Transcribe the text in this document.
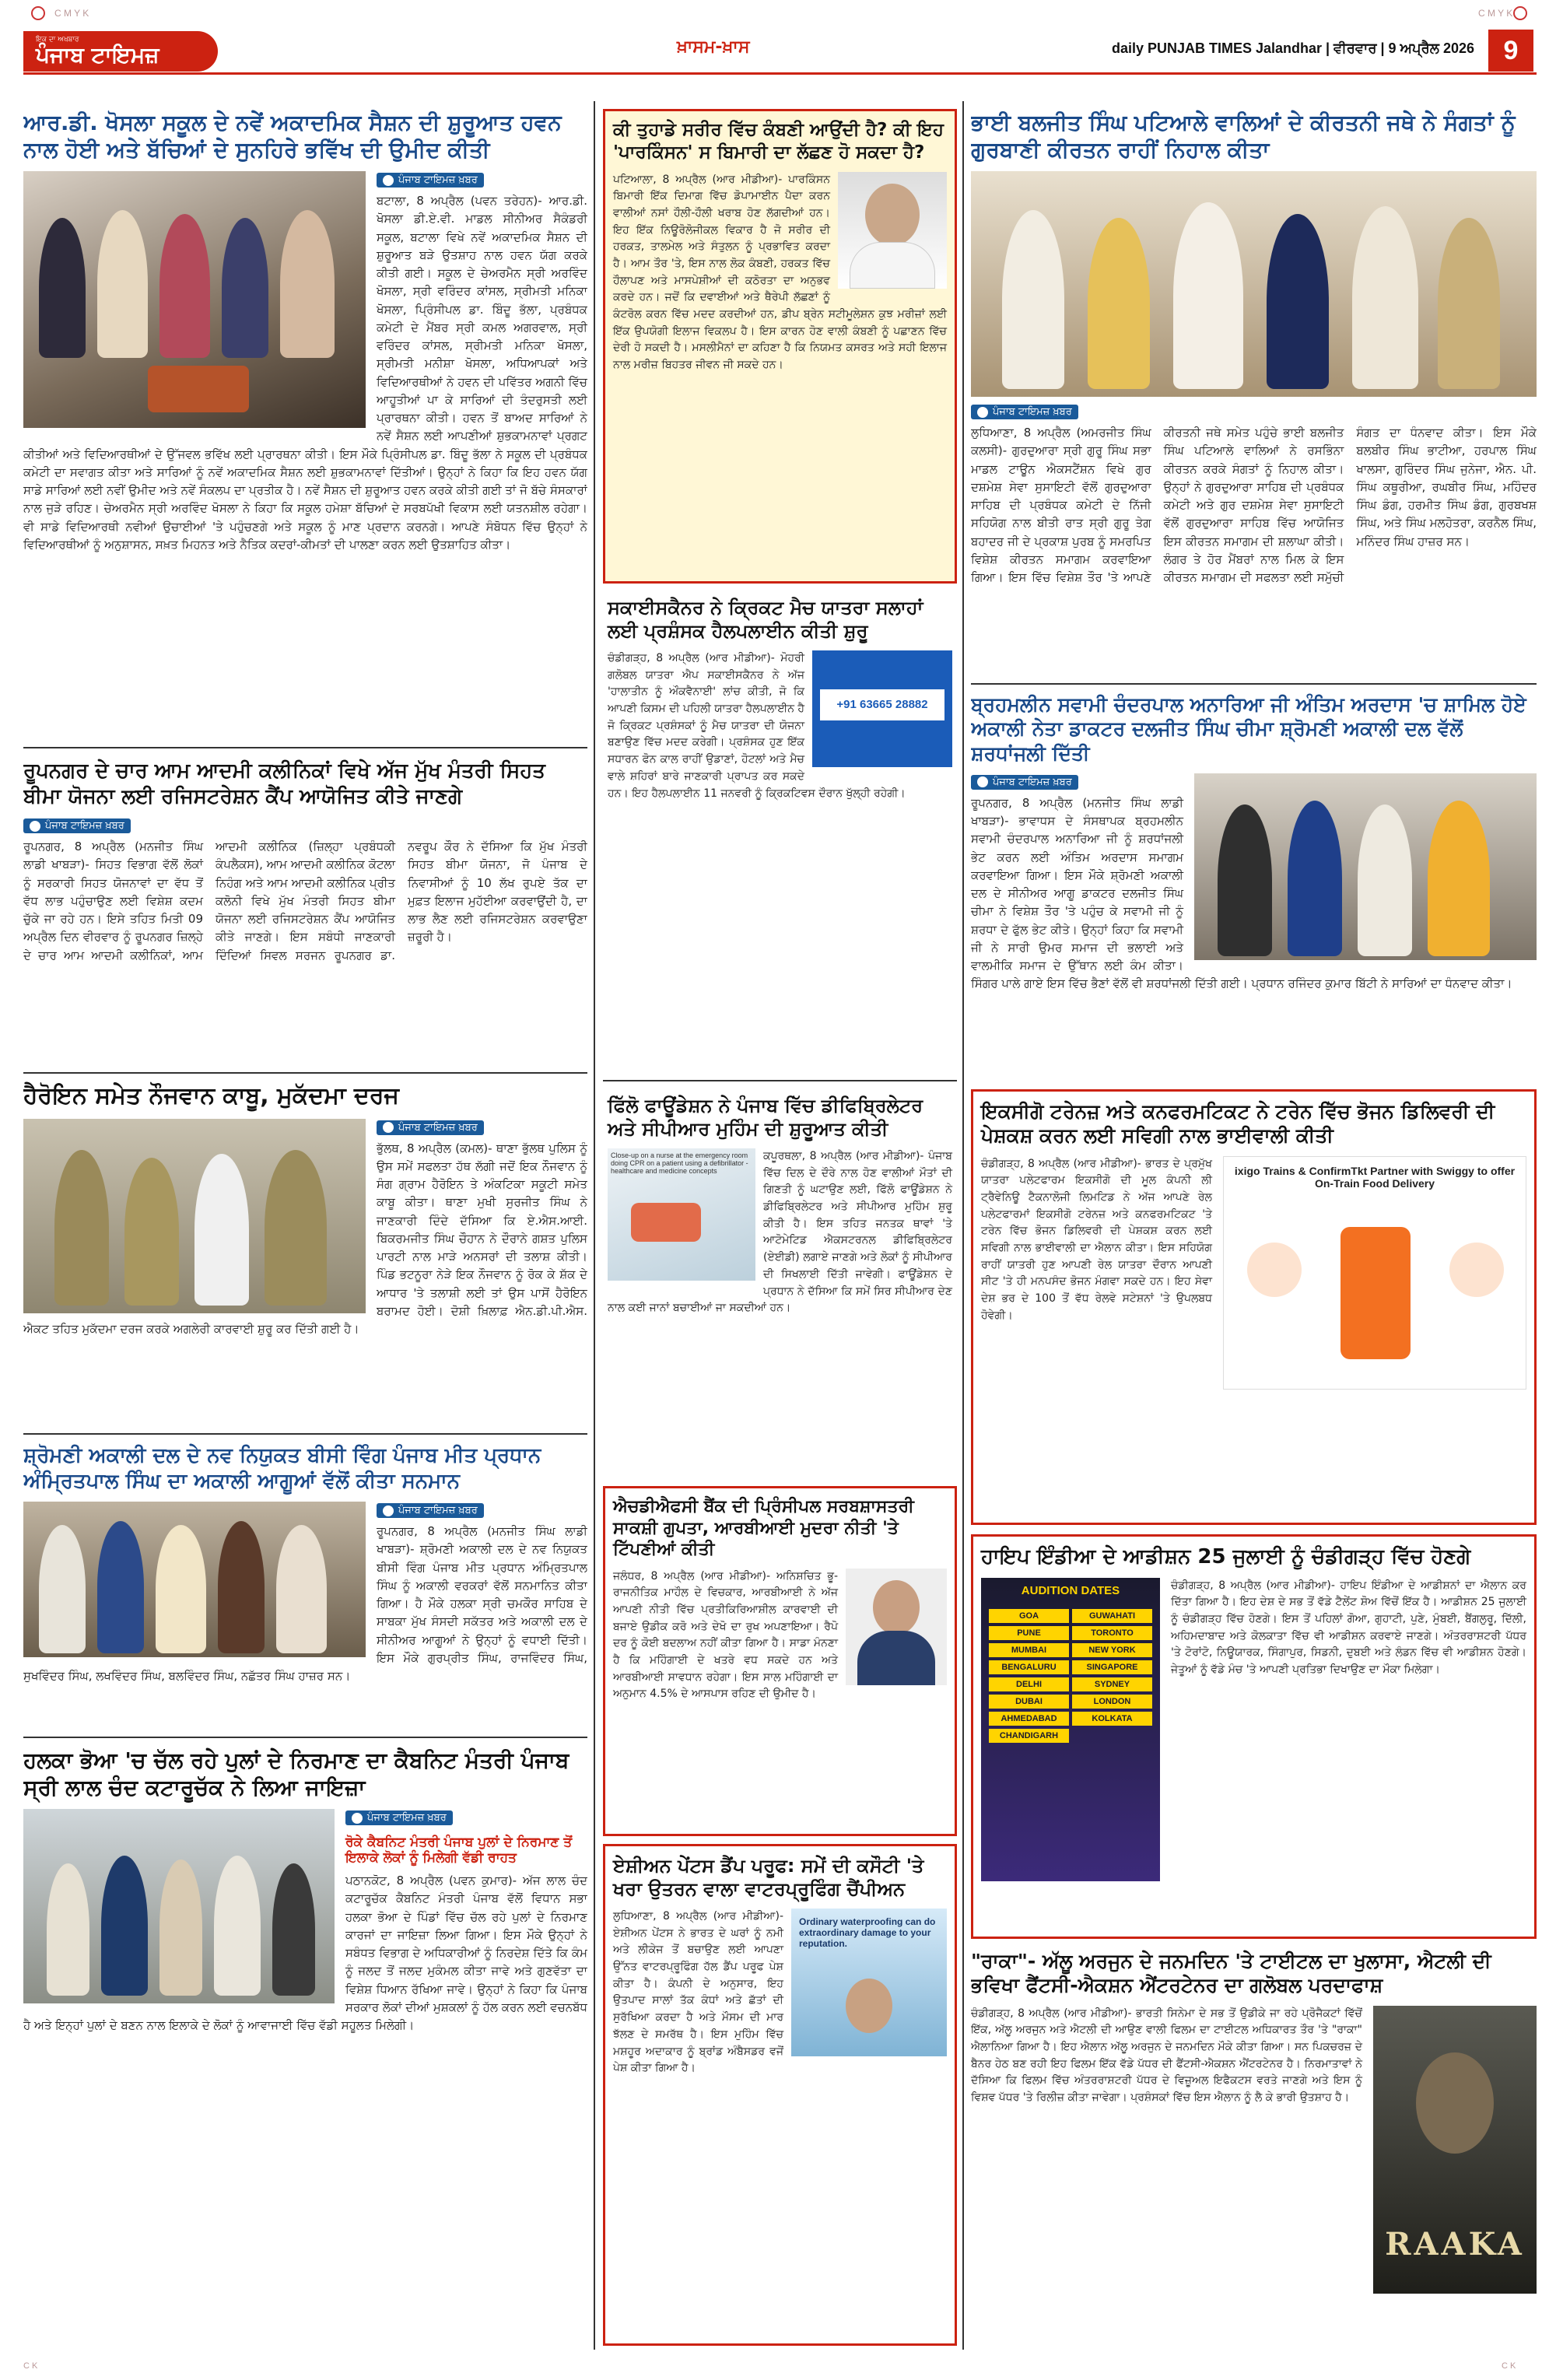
C M Y K	C M Y K
ਇਕ ਦਾ ਅਖਬਾਰ
ਪੰਜਾਬ ਟਾਇਮਜ਼	ਖ਼ਾਸਮ-ਖ਼ਾਸ	daily PUNJAB TIMES Jalandhar | ਵੀਰਵਾਰ | 9 ਅਪ੍ਰੈਲ 2026	9
ਆਰ.ਡੀ. ਖੋਸਲਾ ਸਕੂਲ ਦੇ ਨਵੇਂ ਅਕਾਦਮਿਕ ਸੈਸ਼ਨ ਦੀ ਸ਼ੁਰੂਆਤ ਹਵਨ ਨਾਲ ਹੋਈ ਅਤੇ ਬੱਚਿਆਂ ਦੇ ਸੁਨਹਿਰੇ ਭਵਿੱਖ ਦੀ ਉਮੀਦ ਕੀਤੀ
ਪੰਜਾਬ ਟਾਇਮਜ਼ ਖ਼ਬਰ
ਬਟਾਲਾ, 8 ਅਪ੍ਰੈਲ (ਪਵਨ ਤਰੇਹਨ)- ਆਰ.ਡੀ. ਖੋਸਲਾ ਡੀ.ਏ.ਵੀ. ਮਾਡਲ ਸੀਨੀਅਰ ਸੈਕੰਡਰੀ ਸਕੂਲ, ਬਟਾਲਾ ਵਿਖੇ ਨਵੇਂ ਅਕਾਦਮਿਕ ਸੈਸ਼ਨ ਦੀ ਸ਼ੁਰੂਆਤ ਬੜੇ ਉਤਸ਼ਾਹ ਨਾਲ ਹਵਨ ਯੱਗ ਕਰਕੇ ਕੀਤੀ ਗਈ। ਸਕੂਲ ਦੇ ਚੇਅਰਮੈਨ ਸ੍ਰੀ ਅਰਵਿੰਦ ਖੋਸਲਾ, ਸ੍ਰੀ ਵਰਿੰਦਰ ਕਾਂਸਲ, ਸ੍ਰੀਮਤੀ ਮਨਿਕਾ ਖੋਸਲਾ, ਪ੍ਰਿੰਸੀਪਲ ਡਾ. ਬਿੰਦੂ ਭੱਲਾ, ਪ੍ਰਬੰਧਕ ਕਮੇਟੀ ਦੇ ਮੈਂਬਰ ਸ੍ਰੀ ਕਮਲ ਅਗਰਵਾਲ, ਸ੍ਰੀ ਵਰਿੰਦਰ ਕਾਂਸਲ, ਸ੍ਰੀਮਤੀ ਮਨਿਕਾ ਖੋਸਲਾ, ਸ੍ਰੀਮਤੀ ਮਨੀਸ਼ਾ ਖੋਸਲਾ, ਅਧਿਆਪਕਾਂ ਅਤੇ ਵਿਦਿਆਰਥੀਆਂ ਨੇ ਹਵਨ ਦੀ ਪਵਿੱਤਰ ਅਗਨੀ ਵਿੱਚ ਆਹੂਤੀਆਂ ਪਾ ਕੇ ਸਾਰਿਆਂ ਦੀ ਤੰਦਰੁਸਤੀ ਲਈ ਪ੍ਰਾਰਥਨਾ ਕੀਤੀ। ਹਵਨ ਤੋਂ ਬਾਅਦ ਸਾਰਿਆਂ ਨੇ ਨਵੇਂ ਸੈਸ਼ਨ ਲਈ ਆਪਣੀਆਂ ਸ਼ੁਭਕਾਮਨਾਵਾਂ ਪ੍ਰਗਟ ਕੀਤੀਆਂ ਅਤੇ ਵਿਦਿਆਰਥੀਆਂ ਦੇ ਉੱਜਵਲ ਭਵਿੱਖ ਲਈ ਪ੍ਰਾਰਥਨਾ ਕੀਤੀ। ਇਸ ਮੌਕੇ ਪ੍ਰਿੰਸੀਪਲ ਡਾ. ਬਿੰਦੂ ਭੱਲਾ ਨੇ ਸਕੂਲ ਦੀ ਪ੍ਰਬੰਧਕ ਕਮੇਟੀ ਦਾ ਸਵਾਗਤ ਕੀਤਾ ਅਤੇ ਸਾਰਿਆਂ ਨੂੰ ਨਵੇਂ ਅਕਾਦਮਿਕ ਸੈਸ਼ਨ ਲਈ ਸ਼ੁਭਕਾਮਨਾਵਾਂ ਦਿੱਤੀਆਂ। ਉਨ੍ਹਾਂ ਨੇ ਕਿਹਾ ਕਿ ਇਹ ਹਵਨ ਯੱਗ ਸਾਡੇ ਸਾਰਿਆਂ ਲਈ ਨਵੀਂ ਉਮੀਦ ਅਤੇ ਨਵੇਂ ਸੰਕਲਪ ਦਾ ਪ੍ਰਤੀਕ ਹੈ। ਨਵੇਂ ਸੈਸ਼ਨ ਦੀ ਸ਼ੁਰੂਆਤ ਹਵਨ ਕਰਕੇ ਕੀਤੀ ਗਈ ਤਾਂ ਜੋ ਬੱਚੇ ਸੰਸਕਾਰਾਂ ਨਾਲ ਜੁੜੇ ਰਹਿਣ। ਚੇਅਰਮੈਨ ਸ੍ਰੀ ਅਰਵਿੰਦ ਖੋਸਲਾ ਨੇ ਕਿਹਾ ਕਿ ਸਕੂਲ ਹਮੇਸ਼ਾ ਬੱਚਿਆਂ ਦੇ ਸਰਬਪੱਖੀ ਵਿਕਾਸ ਲਈ ਯਤਨਸ਼ੀਲ ਰਹੇਗਾ। ਵੀ ਸਾਡੇ ਵਿਦਿਆਰਥੀ ਨਵੀਆਂ ਉਚਾਈਆਂ 'ਤੇ ਪਹੁੰਚਣਗੇ ਅਤੇ ਸਕੂਲ ਨੂੰ ਮਾਣ ਪ੍ਰਦਾਨ ਕਰਨਗੇ। ਆਪਣੇ ਸੰਬੋਧਨ ਵਿੱਚ ਉਨ੍ਹਾਂ ਨੇ ਵਿਦਿਆਰਥੀਆਂ ਨੂੰ ਅਨੁਸ਼ਾਸਨ, ਸਖ਼ਤ ਮਿਹਨਤ ਅਤੇ ਨੈਤਿਕ ਕਦਰਾਂ-ਕੀਮਤਾਂ ਦੀ ਪਾਲਣਾ ਕਰਨ ਲਈ ਉਤਸ਼ਾਹਿਤ ਕੀਤਾ।
ਰੂਪਨਗਰ ਦੇ ਚਾਰ ਆਮ ਆਦਮੀ ਕਲੀਨਿਕਾਂ ਵਿਖੇ ਅੱਜ ਮੁੱਖ ਮੰਤਰੀ ਸਿਹਤ ਬੀਮਾ ਯੋਜਨਾ ਲਈ ਰਜਿਸਟਰੇਸ਼ਨ ਕੈਂਪ ਆਯੋਜਿਤ ਕੀਤੇ ਜਾਣਗੇ
ਪੰਜਾਬ ਟਾਇਮਜ਼ ਖ਼ਬਰ
ਰੂਪਨਗਰ, 8 ਅਪ੍ਰੈਲ (ਮਨਜੀਤ ਸਿੰਘ ਲਾਡੀ ਖਾਬੜਾ)- ਸਿਹਤ ਵਿਭਾਗ ਵੱਲੋਂ ਲੋਕਾਂ ਨੂੰ ਸਰਕਾਰੀ ਸਿਹਤ ਯੋਜਨਾਵਾਂ ਦਾ ਵੱਧ ਤੋਂ ਵੱਧ ਲਾਭ ਪਹੁੰਚਾਉਣ ਲਈ ਵਿਸ਼ੇਸ਼ ਕਦਮ ਚੁੱਕੇ ਜਾ ਰਹੇ ਹਨ। ਇਸੇ ਤਹਿਤ ਮਿਤੀ 09 ਅਪ੍ਰੈਲ ਦਿਨ ਵੀਰਵਾਰ ਨੂੰ ਰੂਪਨਗਰ ਜ਼ਿਲ੍ਹੇ ਦੇ ਚਾਰ ਆਮ ਆਦਮੀ ਕਲੀਨਿਕਾਂ, ਆਮ ਆਦਮੀ ਕਲੀਨਿਕ (ਜ਼ਿਲ੍ਹਾ ਪ੍ਰਬੰਧਕੀ ਕੰਪਲੈਕਸ), ਆਮ ਆਦਮੀ ਕਲੀਨਿਕ ਕੋਟਲਾ ਨਿਹੰਗ ਅਤੇ ਆਮ ਆਦਮੀ ਕਲੀਨਿਕ ਪ੍ਰੀਤ ਕਲੋਨੀ ਵਿਖੇ ਮੁੱਖ ਮੰਤਰੀ ਸਿਹਤ ਬੀਮਾ ਯੋਜਨਾ ਲਈ ਰਜਿਸਟਰੇਸ਼ਨ ਕੈਂਪ ਆਯੋਜਿਤ ਕੀਤੇ ਜਾਣਗੇ। ਇਸ ਸਬੰਧੀ ਜਾਣਕਾਰੀ ਦਿੰਦਿਆਂ ਸਿਵਲ ਸਰਜਨ ਰੂਪਨਗਰ ਡਾ. ਨਵਰੂਪ ਕੌਰ ਨੇ ਦੱਸਿਆ ਕਿ ਮੁੱਖ ਮੰਤਰੀ ਸਿਹਤ ਬੀਮਾ ਯੋਜਨਾ, ਜੋ ਪੰਜਾਬ ਦੇ ਨਿਵਾਸੀਆਂ ਨੂੰ 10 ਲੱਖ ਰੁਪਏ ਤੱਕ ਦਾ ਮੁਫ਼ਤ ਇਲਾਜ ਮੁਹੱਈਆ ਕਰਵਾਉਂਦੀ ਹੈ, ਦਾ ਲਾਭ ਲੈਣ ਲਈ ਰਜਿਸਟਰੇਸ਼ਨ ਕਰਵਾਉਣਾ ਜ਼ਰੂਰੀ ਹੈ।
ਹੈਰੋਇਨ ਸਮੇਤ ਨੌਜਵਾਨ ਕਾਬੂ, ਮੁਕੱਦਮਾ ਦਰਜ
ਪੰਜਾਬ ਟਾਇਮਜ਼ ਖ਼ਬਰ
ਭੁੱਲਥ, 8 ਅਪ੍ਰੈਲ (ਕਮਲ)- ਥਾਣਾ ਭੁੱਲਥ ਪੁਲਿਸ ਨੂੰ ਉਸ ਸਮੇਂ ਸਫਲਤਾ ਹੱਥ ਲੱਗੀ ਜਦੋਂ ਇਕ ਨੌਜਵਾਨ ਨੂੰ ਸੰਗ ਗ੍ਰਾਮ ਹੈਰੋਇਨ ਤੇ ਅੰਕਟਿਕਾ ਸਕੂਟੀ ਸਮੇਤ ਕਾਬੂ ਕੀਤਾ। ਥਾਣਾ ਮੁਖੀ ਸੁਰਜੀਤ ਸਿੰਘ ਨੇ ਜਾਣਕਾਰੀ ਦਿੰਦੇ ਦੱਸਿਆ ਕਿ ਏ.ਐਸ.ਆਈ. ਬਿਕਰਮਜੀਤ ਸਿੰਘ ਚੌਹਾਨ ਨੇ ਦੌਰਾਨੇ ਗਸ਼ਤ ਪੁਲਿਸ ਪਾਰਟੀ ਨਾਲ ਮਾੜੇ ਅਨਸਰਾਂ ਦੀ ਤਲਾਸ਼ ਕੀਤੀ। ਪਿੰਡ ਭਟਨੂਰਾ ਨੇੜੇ ਇਕ ਨੌਜਵਾਨ ਨੂੰ ਰੋਕ ਕੇ ਸ਼ੱਕ ਦੇ ਆਧਾਰ 'ਤੇ ਤਲਾਸ਼ੀ ਲਈ ਤਾਂ ਉਸ ਪਾਸੋਂ ਹੈਰੋਇਨ ਬਰਾਮਦ ਹੋਈ। ਦੋਸ਼ੀ ਖ਼ਿਲਾਫ਼ ਐਨ.ਡੀ.ਪੀ.ਐਸ. ਐਕਟ ਤਹਿਤ ਮੁਕੱਦਮਾ ਦਰਜ ਕਰਕੇ ਅਗਲੇਰੀ ਕਾਰਵਾਈ ਸ਼ੁਰੂ ਕਰ ਦਿੱਤੀ ਗਈ ਹੈ।
ਸ਼੍ਰੋਮਣੀ ਅਕਾਲੀ ਦਲ ਦੇ ਨਵ ਨਿਯੁਕਤ ਬੀਸੀ ਵਿੰਗ ਪੰਜਾਬ ਮੀਤ ਪ੍ਰਧਾਨ ਅੰਮ੍ਰਿਤਪਾਲ ਸਿੰਘ ਦਾ ਅਕਾਲੀ ਆਗੂਆਂ ਵੱਲੋਂ ਕੀਤਾ ਸਨਮਾਨ
ਪੰਜਾਬ ਟਾਇਮਜ਼ ਖ਼ਬਰ
ਰੂਪਨਗਰ, 8 ਅਪ੍ਰੈਲ (ਮਨਜੀਤ ਸਿੰਘ ਲਾਡੀ ਖਾਬੜਾ)- ਸ਼੍ਰੋਮਣੀ ਅਕਾਲੀ ਦਲ ਦੇ ਨਵ ਨਿਯੁਕਤ ਬੀਸੀ ਵਿੰਗ ਪੰਜਾਬ ਮੀਤ ਪ੍ਰਧਾਨ ਅੰਮ੍ਰਿਤਪਾਲ ਸਿੰਘ ਨੂੰ ਅਕਾਲੀ ਵਰਕਰਾਂ ਵੱਲੋਂ ਸਨਮਾਨਿਤ ਕੀਤਾ ਗਿਆ। ਹੈ ਮੌਕੇ ਹਲਕਾ ਸ੍ਰੀ ਚਮਕੌਰ ਸਾਹਿਬ ਦੇ ਸਾਬਕਾ ਮੁੱਖ ਸੰਸਦੀ ਸਕੱਤਰ ਅਤੇ ਅਕਾਲੀ ਦਲ ਦੇ ਸੀਨੀਅਰ ਆਗੂਆਂ ਨੇ ਉਨ੍ਹਾਂ ਨੂੰ ਵਧਾਈ ਦਿੱਤੀ। ਇਸ ਮੌਕੇ ਗੁਰਪ੍ਰੀਤ ਸਿੰਘ, ਰਾਜਵਿੰਦਰ ਸਿੰਘ, ਸੁਖਵਿੰਦਰ ਸਿੰਘ, ਲਖਵਿੰਦਰ ਸਿੰਘ, ਬਲਵਿੰਦਰ ਸਿੰਘ, ਨਛੱਤਰ ਸਿੰਘ ਹਾਜ਼ਰ ਸਨ।
ਹਲਕਾ ਭੋਆ 'ਚ ਚੱਲ ਰਹੇ ਪੁਲਾਂ ਦੇ ਨਿਰਮਾਣ ਦਾ ਕੈਬਨਿਟ ਮੰਤਰੀ ਪੰਜਾਬ ਸ੍ਰੀ ਲਾਲ ਚੰਦ ਕਟਾਰੂਚੱਕ ਨੇ ਲਿਆ ਜਾਇਜ਼ਾ
ਪੰਜਾਬ ਟਾਇਮਜ਼ ਖ਼ਬਰ
ਰੋਕੇ ਕੈਬਨਿਟ ਮੰਤਰੀ ਪੰਜਾਬ ਪੁਲਾਂ ਦੇ ਨਿਰਮਾਣ ਤੋਂ ਇਲਾਕੇ ਲੋਕਾਂ ਨੂੰ ਮਿਲੇਗੀ ਵੱਡੀ ਰਾਹਤ
ਪਠਾਨਕੋਟ, 8 ਅਪ੍ਰੈਲ (ਪਵਨ ਕੁਮਾਰ)- ਅੱਜ ਲਾਲ ਚੰਦ ਕਟਾਰੂਚੱਕ ਕੈਬਨਿਟ ਮੰਤਰੀ ਪੰਜਾਬ ਵੱਲੋਂ ਵਿਧਾਨ ਸਭਾ ਹਲਕਾ ਭੋਆ ਦੇ ਪਿੰਡਾਂ ਵਿੱਚ ਚੱਲ ਰਹੇ ਪੁਲਾਂ ਦੇ ਨਿਰਮਾਣ ਕਾਰਜਾਂ ਦਾ ਜਾਇਜ਼ਾ ਲਿਆ ਗਿਆ। ਇਸ ਮੌਕੇ ਉਨ੍ਹਾਂ ਨੇ ਸਬੰਧਤ ਵਿਭਾਗ ਦੇ ਅਧਿਕਾਰੀਆਂ ਨੂੰ ਨਿਰਦੇਸ਼ ਦਿੱਤੇ ਕਿ ਕੰਮ ਨੂੰ ਜਲਦ ਤੋਂ ਜਲਦ ਮੁਕੰਮਲ ਕੀਤਾ ਜਾਵੇ ਅਤੇ ਗੁਣਵੱਤਾ ਦਾ ਵਿਸ਼ੇਸ਼ ਧਿਆਨ ਰੱਖਿਆ ਜਾਵੇ। ਉਨ੍ਹਾਂ ਨੇ ਕਿਹਾ ਕਿ ਪੰਜਾਬ ਸਰਕਾਰ ਲੋਕਾਂ ਦੀਆਂ ਮੁਸ਼ਕਲਾਂ ਨੂੰ ਹੱਲ ਕਰਨ ਲਈ ਵਚਨਬੱਧ ਹੈ ਅਤੇ ਇਨ੍ਹਾਂ ਪੁਲਾਂ ਦੇ ਬਣਨ ਨਾਲ ਇਲਾਕੇ ਦੇ ਲੋਕਾਂ ਨੂੰ ਆਵਾਜਾਈ ਵਿੱਚ ਵੱਡੀ ਸਹੂਲਤ ਮਿਲੇਗੀ।
ਕੀ ਤੁਹਾਡੇ ਸਰੀਰ ਵਿੱਚ ਕੰਬਣੀ ਆਉਂਦੀ ਹੈ? ਕੀ ਇਹ 'ਪਾਰਕਿੰਸਨ' ਸ ਬਿਮਾਰੀ ਦਾ ਲੱਛਣ ਹੋ ਸਕਦਾ ਹੈ?
ਪਟਿਆਲਾ, 8 ਅਪ੍ਰੈਲ (ਆਰ ਮੀਡੀਆ)- ਪਾਰਕਿੰਸਨ ਬਿਮਾਰੀ ਇੱਕ ਦਿਮਾਗ ਵਿੱਚ ਡੋਪਾਮਾਈਨ ਪੈਦਾ ਕਰਨ ਵਾਲੀਆਂ ਨਸਾਂ ਹੌਲੀ-ਹੌਲੀ ਖਰਾਬ ਹੋਣ ਲੱਗਦੀਆਂ ਹਨ। ਇਹ ਇੱਕ ਨਿਊਰੋਲੋਜੀਕਲ ਵਿਕਾਰ ਹੈ ਜੋ ਸਰੀਰ ਦੀ ਹਰਕਤ, ਤਾਲਮੇਲ ਅਤੇ ਸੰਤੁਲਨ ਨੂੰ ਪ੍ਰਭਾਵਿਤ ਕਰਦਾ ਹੈ। ਆਮ ਤੌਰ 'ਤੇ, ਇਸ ਨਾਲ ਲੋਕ ਕੰਬਣੀ, ਹਰਕਤ ਵਿੱਚ ਹੌਲਾਪਣ ਅਤੇ ਮਾਸਪੇਸ਼ੀਆਂ ਦੀ ਕਠੋਰਤਾ ਦਾ ਅਨੁਭਵ ਕਰਦੇ ਹਨ। ਜਦੋਂ ਕਿ ਦਵਾਈਆਂ ਅਤੇ ਥੈਰੇਪੀ ਲੱਛਣਾਂ ਨੂੰ ਕੰਟਰੋਲ ਕਰਨ ਵਿੱਚ ਮਦਦ ਕਰਦੀਆਂ ਹਨ, ਡੀਪ ਬ੍ਰੇਨ ਸਟੀਮੂਲੇਸ਼ਨ ਕੁਝ ਮਰੀਜ਼ਾਂ ਲਈ ਇੱਕ ਉਪਯੋਗੀ ਇਲਾਜ ਵਿਕਲਪ ਹੈ। ਇਸ ਕਾਰਨ ਹੋਣ ਵਾਲੀ ਕੰਬਣੀ ਨੂੰ ਪਛਾਣਨ ਵਿੱਚ ਦੇਰੀ ਹੋ ਸਕਦੀ ਹੈ। ਮਸਲੀਮੈਨਾਂ ਦਾ ਕਹਿਣਾ ਹੈ ਕਿ ਨਿਯਮਤ ਕਸਰਤ ਅਤੇ ਸਹੀ ਇਲਾਜ ਨਾਲ ਮਰੀਜ਼ ਬਿਹਤਰ ਜੀਵਨ ਜੀ ਸਕਦੇ ਹਨ।
ਸਕਾਈਸਕੈਨਰ ਨੇ ਕ੍ਰਿਕਟ ਮੈਚ ਯਾਤਰਾ ਸਲਾਹਾਂ ਲਈ ਪ੍ਰਸ਼ੰਸਕ ਹੈਲਪਲਾਈਨ ਕੀਤੀ ਸ਼ੁਰੂ
+91 63665 28882
ਚੰਡੀਗੜ੍ਹ, 8 ਅਪ੍ਰੈਲ (ਆਰ ਮੀਡੀਆ)- ਮੋਹਰੀ ਗਲੋਬਲ ਯਾਤਰਾ ਐਪ ਸਕਾਈਸਕੈਨਰ ਨੇ ਅੱਜ 'ਹਾਲਾਤੀਨ ਨੂੰ ਔਕਵੈਨਾਈ' ਲਾਂਚ ਕੀਤੀ, ਜੋ ਕਿ ਆਪਣੀ ਕਿਸਮ ਦੀ ਪਹਿਲੀ ਯਾਤਰਾ ਹੈਲਪਲਾਈਨ ਹੈ ਜੋ ਕ੍ਰਿਕਟ ਪ੍ਰਸ਼ੰਸਕਾਂ ਨੂੰ ਮੈਚ ਯਾਤਰਾ ਦੀ ਯੋਜਨਾ ਬਣਾਉਣ ਵਿੱਚ ਮਦਦ ਕਰੇਗੀ। ਪ੍ਰਸ਼ੰਸਕ ਹੁਣ ਇੱਕ ਸਧਾਰਨ ਫੋਨ ਕਾਲ ਰਾਹੀਂ ਉਡਾਣਾਂ, ਹੋਟਲਾਂ ਅਤੇ ਮੈਚ ਵਾਲੇ ਸ਼ਹਿਰਾਂ ਬਾਰੇ ਜਾਣਕਾਰੀ ਪ੍ਰਾਪਤ ਕਰ ਸਕਦੇ ਹਨ। ਇਹ ਹੈਲਪਲਾਈਨ 11 ਜਨਵਰੀ ਨੂੰ ਕ੍ਰਿਕਟਿਵਸ ਦੌਰਾਨ ਖੁੱਲ੍ਹੀ ਰਹੇਗੀ।
ਫਿੱਲੋ ਫਾਊਂਡੇਸ਼ਨ ਨੇ ਪੰਜਾਬ ਵਿੱਚ ਡੀਫਿਬ੍ਰਿਲੇਟਰ ਅਤੇ ਸੀਪੀਆਰ ਮੁਹਿੰਮ ਦੀ ਸ਼ੁਰੂਆਤ ਕੀਤੀ
Close-up on a nurse at the emergency room doing CPR on a patient using a defibrillator - healthcare and medicine concepts
ਕਪੂਰਥਲਾ, 8 ਅਪ੍ਰੈਲ (ਆਰ ਮੀਡੀਆ)- ਪੰਜਾਬ ਵਿੱਚ ਦਿਲ ਦੇ ਦੌਰੇ ਨਾਲ ਹੋਣ ਵਾਲੀਆਂ ਮੌਤਾਂ ਦੀ ਗਿਣਤੀ ਨੂੰ ਘਟਾਉਣ ਲਈ, ਫਿੱਲੋ ਫਾਊਂਡੇਸ਼ਨ ਨੇ ਡੀਫਿਬ੍ਰਿਲੇਟਰ ਅਤੇ ਸੀਪੀਆਰ ਮੁਹਿੰਮ ਸ਼ੁਰੂ ਕੀਤੀ ਹੈ। ਇਸ ਤਹਿਤ ਜਨਤਕ ਥਾਵਾਂ 'ਤੇ ਆਟੋਮੇਟਿਡ ਐਕਸਟਰਨਲ ਡੀਫਿਬ੍ਰਿਲੇਟਰ (ਏਈਡੀ) ਲਗਾਏ ਜਾਣਗੇ ਅਤੇ ਲੋਕਾਂ ਨੂੰ ਸੀਪੀਆਰ ਦੀ ਸਿਖਲਾਈ ਦਿੱਤੀ ਜਾਵੇਗੀ। ਫਾਊਂਡੇਸ਼ਨ ਦੇ ਪ੍ਰਧਾਨ ਨੇ ਦੱਸਿਆ ਕਿ ਸਮੇਂ ਸਿਰ ਸੀਪੀਆਰ ਦੇਣ ਨਾਲ ਕਈ ਜਾਨਾਂ ਬਚਾਈਆਂ ਜਾ ਸਕਦੀਆਂ ਹਨ।
ਐਚਡੀਐਫਸੀ ਬੈਂਕ ਦੀ ਪ੍ਰਿੰਸੀਪਲ ਸਰਬਸ਼ਾਸਤਰੀ ਸਾਕਸ਼ੀ ਗੁਪਤਾ, ਆਰਬੀਆਈ ਮੁਦਰਾ ਨੀਤੀ 'ਤੇ ਟਿੱਪਣੀਆਂ ਕੀਤੀ
ਜਲੰਧਰ, 8 ਅਪ੍ਰੈਲ (ਆਰ ਮੀਡੀਆ)- ਅਨਿਸ਼ਚਿਤ ਭੂ-ਰਾਜਨੀਤਿਕ ਮਾਹੌਲ ਦੇ ਵਿਚਕਾਰ, ਆਰਬੀਆਈ ਨੇ ਅੱਜ ਆਪਣੀ ਨੀਤੀ ਵਿੱਚ ਪ੍ਰਤੀਕਿਰਿਆਸ਼ੀਲ ਕਾਰਵਾਈ ਦੀ ਬਜਾਏ ਉਡੀਕ ਕਰੋ ਅਤੇ ਦੇਖੋ ਦਾ ਰੁਖ ਅਪਣਾਇਆ। ਰੈਪੋ ਦਰ ਨੂੰ ਕੋਈ ਬਦਲਾਅ ਨਹੀਂ ਕੀਤਾ ਗਿਆ ਹੈ। ਸਾਡਾ ਮੰਨਣਾ ਹੈ ਕਿ ਮਹਿੰਗਾਈ ਦੇ ਖਤਰੇ ਵਧ ਸਕਦੇ ਹਨ ਅਤੇ ਆਰਬੀਆਈ ਸਾਵਧਾਨ ਰਹੇਗਾ। ਇਸ ਸਾਲ ਮਹਿੰਗਾਈ ਦਾ ਅਨੁਮਾਨ 4.5% ਦੇ ਆਸਪਾਸ ਰਹਿਣ ਦੀ ਉਮੀਦ ਹੈ।
ਏਸ਼ੀਅਨ ਪੇਂਟਸ ਡੈਂਪ ਪਰੂਫ: ਸਮੇਂ ਦੀ ਕਸੌਟੀ 'ਤੇ ਖਰਾ ਉਤਰਨ ਵਾਲਾ ਵਾਟਰਪ੍ਰੂਫਿੰਗ ਚੈਂਪੀਅਨ
Ordinary waterproofing can do extraordinary damage to your reputation.
ਲੁਧਿਆਣਾ, 8 ਅਪ੍ਰੈਲ (ਆਰ ਮੀਡੀਆ)- ਏਸ਼ੀਅਨ ਪੇਂਟਸ ਨੇ ਭਾਰਤ ਦੇ ਘਰਾਂ ਨੂੰ ਨਮੀ ਅਤੇ ਲੀਕੇਜ ਤੋਂ ਬਚਾਉਣ ਲਈ ਆਪਣਾ ਉੱਨਤ ਵਾਟਰਪ੍ਰੂਫਿੰਗ ਹੱਲ ਡੈਂਪ ਪਰੂਫ ਪੇਸ਼ ਕੀਤਾ ਹੈ। ਕੰਪਨੀ ਦੇ ਅਨੁਸਾਰ, ਇਹ ਉਤਪਾਦ ਸਾਲਾਂ ਤੱਕ ਕੰਧਾਂ ਅਤੇ ਛੱਤਾਂ ਦੀ ਸੁਰੱਖਿਆ ਕਰਦਾ ਹੈ ਅਤੇ ਮੌਸਮ ਦੀ ਮਾਰ ਝੱਲਣ ਦੇ ਸਮਰੱਥ ਹੈ। ਇਸ ਮੁਹਿੰਮ ਵਿੱਚ ਮਸ਼ਹੂਰ ਅਦਾਕਾਰ ਨੂੰ ਬ੍ਰਾਂਡ ਅੰਬੈਸਡਰ ਵਜੋਂ ਪੇਸ਼ ਕੀਤਾ ਗਿਆ ਹੈ।
ਭਾਈ ਬਲਜੀਤ ਸਿੰਘ ਪਟਿਆਲੇ ਵਾਲਿਆਂ ਦੇ ਕੀਰਤਨੀ ਜਥੇ ਨੇ ਸੰਗਤਾਂ ਨੂੰ ਗੁਰਬਾਣੀ ਕੀਰਤਨ ਰਾਹੀਂ ਨਿਹਾਲ ਕੀਤਾ
ਪੰਜਾਬ ਟਾਇਮਜ਼ ਖ਼ਬਰ
ਲੁਧਿਆਣਾ, 8 ਅਪ੍ਰੈਲ (ਅਮਰਜੀਤ ਸਿੰਘ ਕਲਸੀ)- ਗੁਰਦੁਆਰਾ ਸ੍ਰੀ ਗੁਰੂ ਸਿੰਘ ਸਭਾ ਮਾਡਲ ਟਾਊਨ ਐਕਸਟੈਂਸ਼ਨ ਵਿਖੇ ਗੁਰ ਦਸ਼ਮੇਸ਼ ਸੇਵਾ ਸੁਸਾਇਟੀ ਵੱਲੋਂ ਗੁਰਦੁਆਰਾ ਸਾਹਿਬ ਦੀ ਪ੍ਰਬੰਧਕ ਕਮੇਟੀ ਦੇ ਨਿੱਜੀ ਸਹਿਯੋਗ ਨਾਲ ਬੀਤੀ ਰਾਤ ਸ੍ਰੀ ਗੁਰੂ ਤੇਗ ਬਹਾਦਰ ਜੀ ਦੇ ਪ੍ਰਕਾਸ਼ ਪੁਰਬ ਨੂੰ ਸਮਰਪਿਤ ਵਿਸ਼ੇਸ਼ ਕੀਰਤਨ ਸਮਾਗਮ ਕਰਵਾਇਆ ਗਿਆ। ਇਸ ਵਿੱਚ ਵਿਸ਼ੇਸ਼ ਤੌਰ 'ਤੇ ਆਪਣੇ ਕੀਰਤਨੀ ਜਥੇ ਸਮੇਤ ਪਹੁੰਚੇ ਭਾਈ ਬਲਜੀਤ ਸਿੰਘ ਪਟਿਆਲੇ ਵਾਲਿਆਂ ਨੇ ਰਸਭਿੰਨਾ ਕੀਰਤਨ ਕਰਕੇ ਸੰਗਤਾਂ ਨੂੰ ਨਿਹਾਲ ਕੀਤਾ। ਉਨ੍ਹਾਂ ਨੇ ਗੁਰਦੁਆਰਾ ਸਾਹਿਬ ਦੀ ਪ੍ਰਬੰਧਕ ਕਮੇਟੀ ਅਤੇ ਗੁਰ ਦਸ਼ਮੇਸ਼ ਸੇਵਾ ਸੁਸਾਇਟੀ ਵੱਲੋਂ ਗੁਰਦੁਆਰਾ ਸਾਹਿਬ ਵਿੱਚ ਆਯੋਜਿਤ ਇਸ ਕੀਰਤਨ ਸਮਾਗਮ ਦੀ ਸ਼ਲਾਘਾ ਕੀਤੀ। ਲੰਗਰ ਤੇ ਹੋਰ ਮੈਂਬਰਾਂ ਨਾਲ ਮਿਲ ਕੇ ਇਸ ਕੀਰਤਨ ਸਮਾਗਮ ਦੀ ਸਫਲਤਾ ਲਈ ਸਮੁੱਚੀ ਸੰਗਤ ਦਾ ਧੰਨਵਾਦ ਕੀਤਾ। ਇਸ ਮੌਕੇ ਬਲਬੀਰ ਸਿੰਘ ਭਾਟੀਆ, ਹਰਪਾਲ ਸਿੰਘ ਖਾਲਸਾ, ਗੁਰਿੰਦਰ ਸਿੰਘ ਜੁਨੇਜਾ, ਐਨ. ਪੀ. ਸਿੰਘ ਕਥੂਰੀਆ, ਰਘਬੀਰ ਸਿੰਘ, ਮਹਿੰਦਰ ਸਿੰਘ ਡੰਗ, ਹਰਮੀਤ ਸਿੰਘ ਡੰਗ, ਗੁਰਬਖਸ਼ ਸਿੰਘ, ਅਤੇ ਸਿੰਘ ਮਲਹੋਤਰਾ, ਕਰਨੈਲ ਸਿੰਘ, ਮਨਿੰਦਰ ਸਿੰਘ ਹਾਜ਼ਰ ਸਨ।
ਬ੍ਰਹਮਲੀਨ ਸਵਾਮੀ ਚੰਦਰਪਾਲ ਅਨਾਰਿਆ ਜੀ ਅੰਤਿਮ ਅਰਦਾਸ 'ਚ ਸ਼ਾਮਿਲ ਹੋਏ ਅਕਾਲੀ ਨੇਤਾ ਡਾਕਟਰ ਦਲਜੀਤ ਸਿੰਘ ਚੀਮਾ ਸ਼੍ਰੋਮਣੀ ਅਕਾਲੀ ਦਲ ਵੱਲੋਂ ਸ਼ਰਧਾਂਜਲੀ ਦਿੱਤੀ
ਪੰਜਾਬ ਟਾਇਮਜ਼ ਖ਼ਬਰ
ਰੂਪਨਗਰ, 8 ਅਪ੍ਰੈਲ (ਮਨਜੀਤ ਸਿੰਘ ਲਾਡੀ ਖਾਬੜਾ)- ਭਾਵਾਧਸ ਦੇ ਸੰਸਥਾਪਕ ਬ੍ਰਹਮਲੀਨ ਸਵਾਮੀ ਚੰਦਰਪਾਲ ਅਨਾਰਿਆ ਜੀ ਨੂੰ ਸ਼ਰਧਾਂਜਲੀ ਭੇਟ ਕਰਨ ਲਈ ਅੰਤਿਮ ਅਰਦਾਸ ਸਮਾਗਮ ਕਰਵਾਇਆ ਗਿਆ। ਇਸ ਮੌਕੇ ਸ਼੍ਰੋਮਣੀ ਅਕਾਲੀ ਦਲ ਦੇ ਸੀਨੀਅਰ ਆਗੂ ਡਾਕਟਰ ਦਲਜੀਤ ਸਿੰਘ ਚੀਮਾ ਨੇ ਵਿਸ਼ੇਸ਼ ਤੌਰ 'ਤੇ ਪਹੁੰਚ ਕੇ ਸਵਾਮੀ ਜੀ ਨੂੰ ਸ਼ਰਧਾ ਦੇ ਫੁੱਲ ਭੇਟ ਕੀਤੇ। ਉਨ੍ਹਾਂ ਕਿਹਾ ਕਿ ਸਵਾਮੀ ਜੀ ਨੇ ਸਾਰੀ ਉਮਰ ਸਮਾਜ ਦੀ ਭਲਾਈ ਅਤੇ ਵਾਲਮੀਕਿ ਸਮਾਜ ਦੇ ਉੱਥਾਨ ਲਈ ਕੰਮ ਕੀਤਾ। ਸਿੰਗਰ ਪਾਲੇ ਗਾਏ ਇਸ ਵਿੱਚ ਭੈਣਾਂ ਵੱਲੋਂ ਵੀ ਸ਼ਰਧਾਂਜਲੀ ਦਿੱਤੀ ਗਈ। ਪ੍ਰਧਾਨ ਰਜਿੰਦਰ ਕੁਮਾਰ ਬਿੱਟੀ ਨੇ ਸਾਰਿਆਂ ਦਾ ਧੰਨਵਾਦ ਕੀਤਾ।
ਇਕਸੀਗੋ ਟਰੇਨਜ਼ ਅਤੇ ਕਨਫਰਮਟਿਕਟ ਨੇ ਟਰੇਨ ਵਿੱਚ ਭੋਜਨ ਡਿਲਿਵਰੀ ਦੀ ਪੇਸ਼ਕਸ਼ ਕਰਨ ਲਈ ਸਵਿਗੀ ਨਾਲ ਭਾਈਵਾਲੀ ਕੀਤੀ
ixigo Trains & ConfirmTkt Partner with Swiggy to offer On-Train Food Delivery
ਚੰਡੀਗੜ੍ਹ, 8 ਅਪ੍ਰੈਲ (ਆਰ ਮੀਡੀਆ)- ਭਾਰਤ ਦੇ ਪ੍ਰਮੁੱਖ ਯਾਤਰਾ ਪਲੇਟਫਾਰਮ ਇਕਸੀਗੋ ਦੀ ਮੂਲ ਕੰਪਨੀ ਲੀ ਟ੍ਰੈਵੇਨਿਊ ਟੈਕਨਾਲੋਜੀ ਲਿਮਟਿਡ ਨੇ ਅੱਜ ਆਪਣੇ ਰੇਲ ਪਲੇਟਫਾਰਮਾਂ ਇਕਸੀਗੋ ਟਰੇਨਜ਼ ਅਤੇ ਕਨਫਰਮਟਿਕਟ 'ਤੇ ਟਰੇਨ ਵਿੱਚ ਭੋਜਨ ਡਿਲਿਵਰੀ ਦੀ ਪੇਸ਼ਕਸ਼ ਕਰਨ ਲਈ ਸਵਿਗੀ ਨਾਲ ਭਾਈਵਾਲੀ ਦਾ ਐਲਾਨ ਕੀਤਾ। ਇਸ ਸਹਿਯੋਗ ਰਾਹੀਂ ਯਾਤਰੀ ਹੁਣ ਆਪਣੀ ਰੇਲ ਯਾਤਰਾ ਦੌਰਾਨ ਆਪਣੀ ਸੀਟ 'ਤੇ ਹੀ ਮਨਪਸੰਦ ਭੋਜਨ ਮੰਗਵਾ ਸਕਦੇ ਹਨ। ਇਹ ਸੇਵਾ ਦੇਸ਼ ਭਰ ਦੇ 100 ਤੋਂ ਵੱਧ ਰੇਲਵੇ ਸਟੇਸ਼ਨਾਂ 'ਤੇ ਉਪਲਬਧ ਹੋਵੇਗੀ।
ਹਾਇਪ ਇੰਡੀਆ ਦੇ ਆਡੀਸ਼ਨ 25 ਜੁਲਾਈ ਨੂੰ ਚੰਡੀਗੜ੍ਹ ਵਿੱਚ ਹੋਣਗੇ
AUDITION DATES
GOA	GUWAHATI
PUNE	TORONTO
MUMBAI	NEW YORK
BENGALURU	SINGAPORE
DELHI	SYDNEY
DUBAI	LONDON
AHMEDABAD	KOLKATA
CHANDIGARH
ਚੰਡੀਗੜ੍ਹ, 8 ਅਪ੍ਰੈਲ (ਆਰ ਮੀਡੀਆ)- ਹਾਇਪ ਇੰਡੀਆ ਦੇ ਆਡੀਸ਼ਨਾਂ ਦਾ ਐਲਾਨ ਕਰ ਦਿੱਤਾ ਗਿਆ ਹੈ। ਇਹ ਦੇਸ਼ ਦੇ ਸਭ ਤੋਂ ਵੱਡੇ ਟੈਲੇਂਟ ਸ਼ੋਅ ਵਿੱਚੋਂ ਇੱਕ ਹੈ। ਆਡੀਸ਼ਨ 25 ਜੁਲਾਈ ਨੂੰ ਚੰਡੀਗੜ੍ਹ ਵਿੱਚ ਹੋਣਗੇ। ਇਸ ਤੋਂ ਪਹਿਲਾਂ ਗੋਆ, ਗੁਹਾਟੀ, ਪੁਣੇ, ਮੁੰਬਈ, ਬੈਂਗਲੁਰੂ, ਦਿੱਲੀ, ਅਹਿਮਦਾਬਾਦ ਅਤੇ ਕੋਲਕਾਤਾ ਵਿੱਚ ਵੀ ਆਡੀਸ਼ਨ ਕਰਵਾਏ ਜਾਣਗੇ। ਅੰਤਰਰਾਸ਼ਟਰੀ ਪੱਧਰ 'ਤੇ ਟੋਰਾਂਟੋ, ਨਿਊਯਾਰਕ, ਸਿੰਗਾਪੁਰ, ਸਿਡਨੀ, ਦੁਬਈ ਅਤੇ ਲੰਡਨ ਵਿੱਚ ਵੀ ਆਡੀਸ਼ਨ ਹੋਣਗੇ। ਜੇਤੂਆਂ ਨੂੰ ਵੱਡੇ ਮੰਚ 'ਤੇ ਆਪਣੀ ਪ੍ਰਤਿਭਾ ਦਿਖਾਉਣ ਦਾ ਮੌਕਾ ਮਿਲੇਗਾ।
"ਰਾਕਾ"- ਅੱਲੂ ਅਰਜੁਨ ਦੇ ਜਨਮਦਿਨ 'ਤੇ ਟਾਈਟਲ ਦਾ ਖੁਲਾਸਾ, ਐਟਲੀ ਦੀ ਭਵਿਖਾ ਫੈਂਟਸੀ-ਐਕਸ਼ਨ ਐਂਟਰਟੇਨਰ ਦਾ ਗਲੋਬਲ ਪਰਦਾਫਾਸ਼
RAAKA
ਚੰਡੀਗੜ੍ਹ, 8 ਅਪ੍ਰੈਲ (ਆਰ ਮੀਡੀਆ)- ਭਾਰਤੀ ਸਿਨੇਮਾ ਦੇ ਸਭ ਤੋਂ ਉਡੀਕੇ ਜਾ ਰਹੇ ਪ੍ਰੋਜੈਕਟਾਂ ਵਿੱਚੋਂ ਇੱਕ, ਅੱਲੂ ਅਰਜੁਨ ਅਤੇ ਐਟਲੀ ਦੀ ਆਉਣ ਵਾਲੀ ਫਿਲਮ ਦਾ ਟਾਈਟਲ ਅਧਿਕਾਰਤ ਤੌਰ 'ਤੇ "ਰਾਕਾ" ਐਲਾਨਿਆ ਗਿਆ ਹੈ। ਇਹ ਐਲਾਨ ਅੱਲੂ ਅਰਜੁਨ ਦੇ ਜਨਮਦਿਨ ਮੌਕੇ ਕੀਤਾ ਗਿਆ। ਸਨ ਪਿਕਚਰਜ਼ ਦੇ ਬੈਨਰ ਹੇਠ ਬਣ ਰਹੀ ਇਹ ਫਿਲਮ ਇੱਕ ਵੱਡੇ ਪੱਧਰ ਦੀ ਫੈਂਟਸੀ-ਐਕਸ਼ਨ ਐਂਟਰਟੇਨਰ ਹੈ। ਨਿਰਮਾਤਾਵਾਂ ਨੇ ਦੱਸਿਆ ਕਿ ਫਿਲਮ ਵਿੱਚ ਅੰਤਰਰਾਸ਼ਟਰੀ ਪੱਧਰ ਦੇ ਵਿਜ਼ੂਅਲ ਇਫੈਕਟਸ ਵਰਤੇ ਜਾਣਗੇ ਅਤੇ ਇਸ ਨੂੰ ਵਿਸ਼ਵ ਪੱਧਰ 'ਤੇ ਰਿਲੀਜ਼ ਕੀਤਾ ਜਾਵੇਗਾ। ਪ੍ਰਸ਼ੰਸਕਾਂ ਵਿੱਚ ਇਸ ਐਲਾਨ ਨੂੰ ਲੈ ਕੇ ਭਾਰੀ ਉਤਸ਼ਾਹ ਹੈ।
C K	C K
